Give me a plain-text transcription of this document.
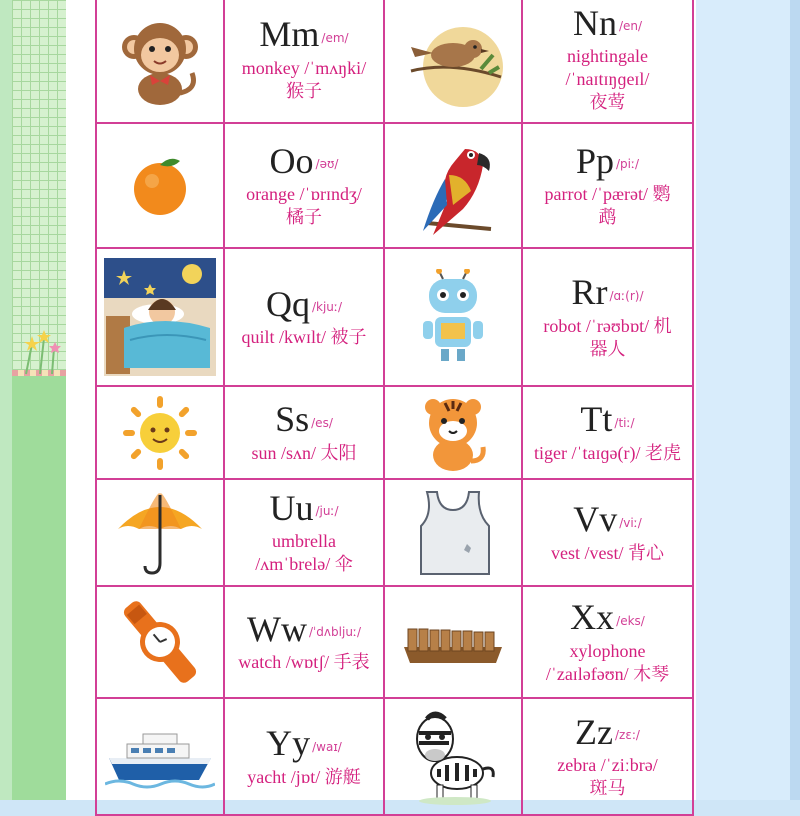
Mm /em/
monkey /ˈmʌŋki/
猴子
Nn /en/
nightingale
/ˈnaɪtɪŋɡeɪl/
夜莺
Oo /əʊ/
orange /ˈɒrɪndʒ/
橘子
Pp /piː/
parrot /ˈpærət/ 鹦
鹉
Qq /kjuː/
quilt /kwɪlt/ 被子
Rr /ɑː(r)/
robot /ˈrəʊbɒt/ 机
器人
Ss /es/
sun /sʌn/ 太阳
Tt /tiː/
tiger /ˈtaɪɡə(r)/ 老虎
Uu /juː/
umbrella
/ʌmˈbrelə/ 伞
Vv /viː/
vest /vest/ 背心
Ww /ˈdʌbljuː/
watch /wɒtʃ/ 手表
Xx /eks/
xylophone
/ˈzaɪləfəʊn/ 木琴
Yy /waɪ/
yacht /jɒt/ 游艇
Zz /zɛ:/
zebra /ˈziːbrə/
斑马
